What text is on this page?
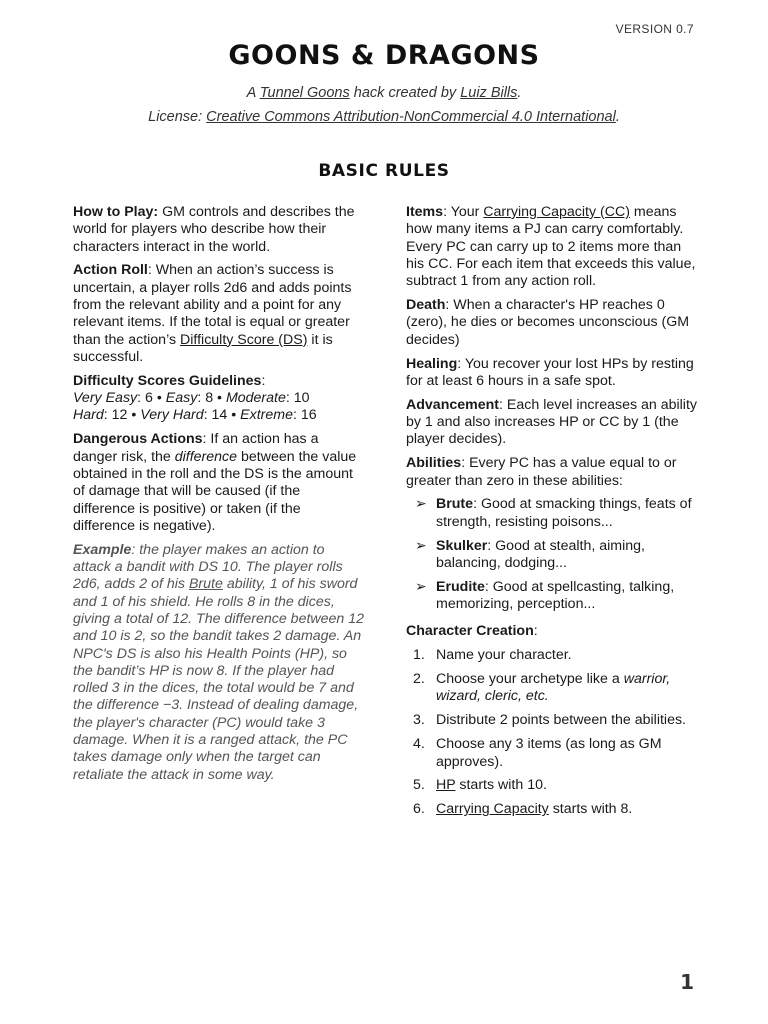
VERSION 0.7
GOONS & DRAGONS
A Tunnel Goons hack created by Luiz Bills.
License: Creative Commons Attribution-NonCommercial 4.0 International.
BASIC RULES

How to Play: GM controls and describes the world for players who describe how their characters interact in the world.

Action Roll: When an action’s success is uncertain, a player rolls 2d6 and adds points from the relevant ability and a point for any relevant items. If the total is equal or greater than the action’s Difficulty Score (DS) it is successful.

Difficulty Scores Guidelines:
Very Easy: 6 • Easy: 8 • Moderate: 10
Hard: 12 • Very Hard: 14 • Extreme: 16

Dangerous Actions: If an action has a danger risk, the difference between the value obtained in the roll and the DS is the amount of damage that will be caused (if the difference is positive) or taken (if the difference is negative).

Example: the player makes an action to attack a bandit with DS 10. The player rolls 2d6, adds 2 of his Brute ability, 1 of his sword and 1 of his shield. He rolls 8 in the dices, giving a total of 12. The difference between 12 and 10 is 2, so the bandit takes 2 damage. An NPC's DS is also his Health Points (HP), so the bandit’s HP is now 8. If the player had rolled 3 in the dices, the total would be 7 and the difference −3. Instead of dealing damage, the player's character (PC) would take 3 damage. When it is a ranged attack, the PC takes damage only when the target can retaliate the attack in some way.

Items: Your Carrying Capacity (CC) means how many items a PJ can carry comfortably. Every PC can carry up to 2 items more than his CC. For each item that exceeds this value, subtract 1 from any action roll.

Death: When a character's HP reaches 0 (zero), he dies or becomes unconscious (GM decides)

Healing: You recover your lost HPs by resting for at least 6 hours in a safe spot.

Advancement: Each level increases an ability by 1 and also increases HP or CC by 1 (the player decides).

Abilities: Every PC has a value equal to or greater than zero in these abilities:

➢ Brute: Good at smacking things, feats of strength, resisting poisons...
➢ Skulker: Good at stealth, aiming, balancing, dodging...
➢ Erudite: Good at spellcasting, talking, memorizing, perception...

Character Creation:

1. Name your character.
2. Choose your archetype like a warrior, wizard, cleric, etc.
3. Distribute 2 points between the abilities.
4. Choose any 3 items (as long as GM approves).
5. HP starts with 10.
6. Carrying Capacity starts with 8.
1
